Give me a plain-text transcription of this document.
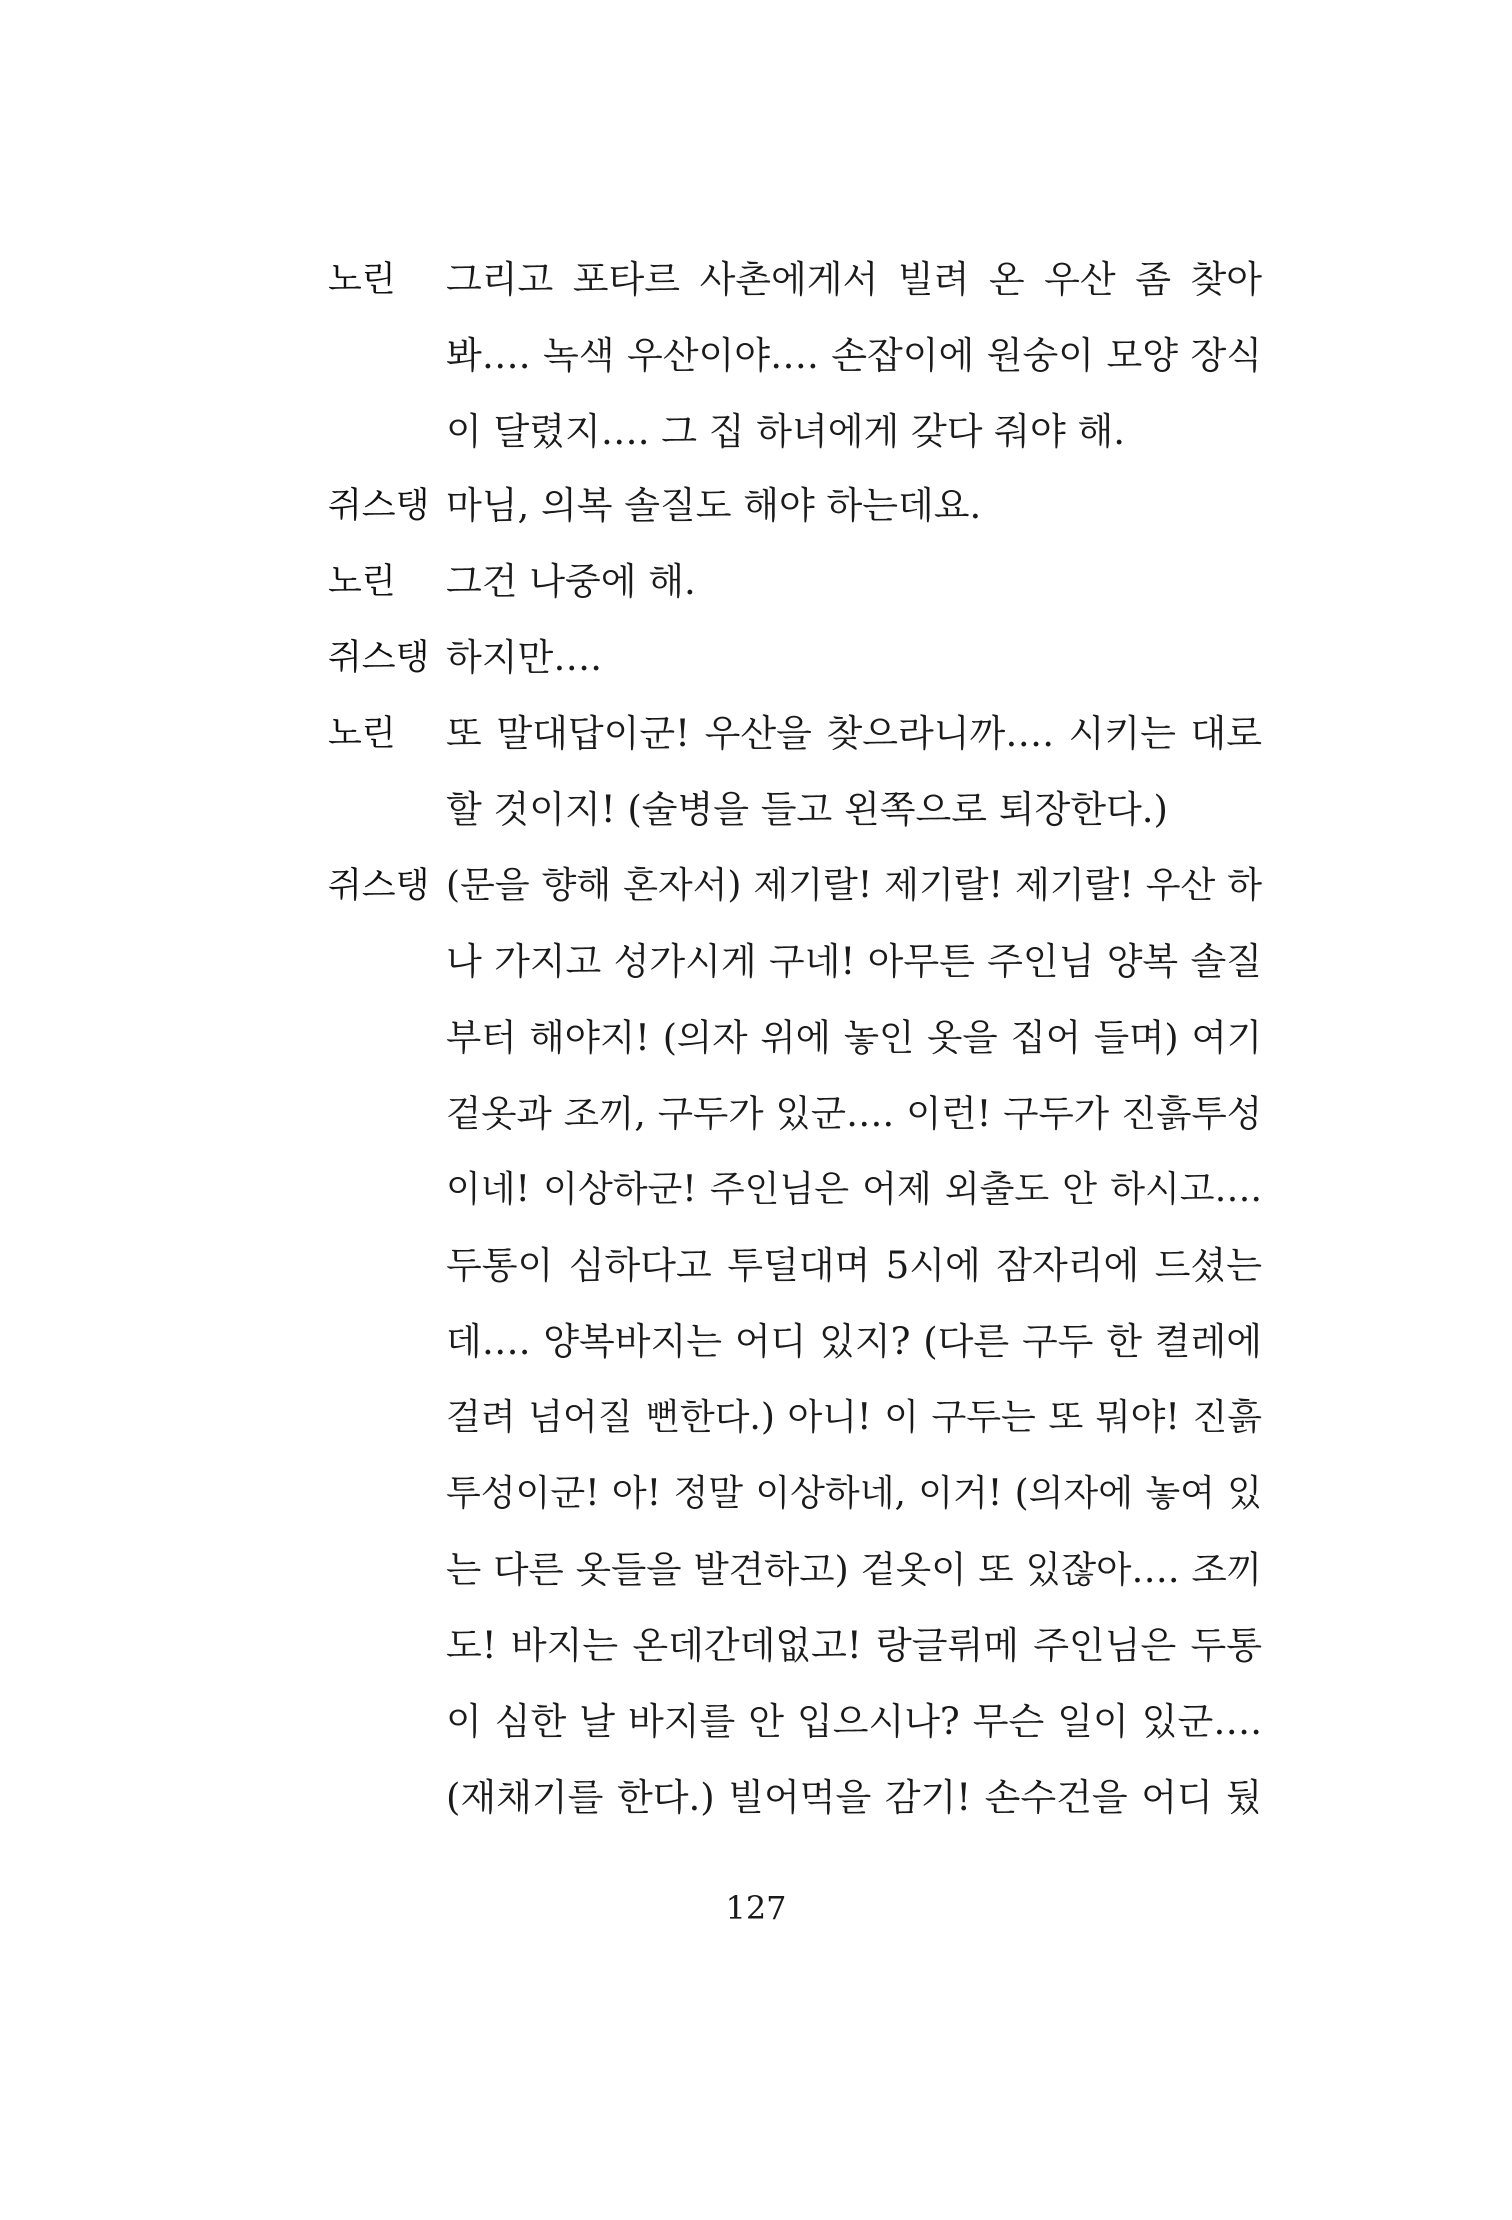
노린 그리고 포타르 사촌에게서 빌려 온 우산 좀 찾아
봐…. 녹색 우산이야…. 손잡이에 원숭이 모양 장식
이 달렸지…. 그 집 하녀에게 갖다 줘야 해.
쥐스탱 마님, 의복 솔질도 해야 하는데요.
노린 그건 나중에 해.
쥐스탱 하지만….
노린 또 말대답이군! 우산을 찾으라니까…. 시키는 대로
할 것이지! (술병을 들고 왼쪽으로 퇴장한다.)
쥐스탱 (문을 향해 혼자서) 제기랄! 제기랄! 제기랄! 우산 하
나 가지고 성가시게 구네! 아무튼 주인님 양복 솔질
부터 해야지! (의자 위에 놓인 옷을 집어 들며) 여기
겉옷과 조끼, 구두가 있군…. 이런! 구두가 진흙투성
이네! 이상하군! 주인님은 어제 외출도 안 하시고….
두통이 심하다고 투덜대며 5시에 잠자리에 드셨는
데…. 양복바지는 어디 있지? (다른 구두 한 켤레에
걸려 넘어질 뻔한다.) 아니! 이 구두는 또 뭐야! 진흙
투성이군! 아! 정말 이상하네, 이거! (의자에 놓여 있
는 다른 옷들을 발견하고) 겉옷이 또 있잖아…. 조끼
도! 바지는 온데간데없고! 랑글뤼메 주인님은 두통
이 심한 날 바지를 안 입으시나? 무슨 일이 있군….
(재채기를 한다.) 빌어먹을 감기! 손수건을 어디 뒀
127
